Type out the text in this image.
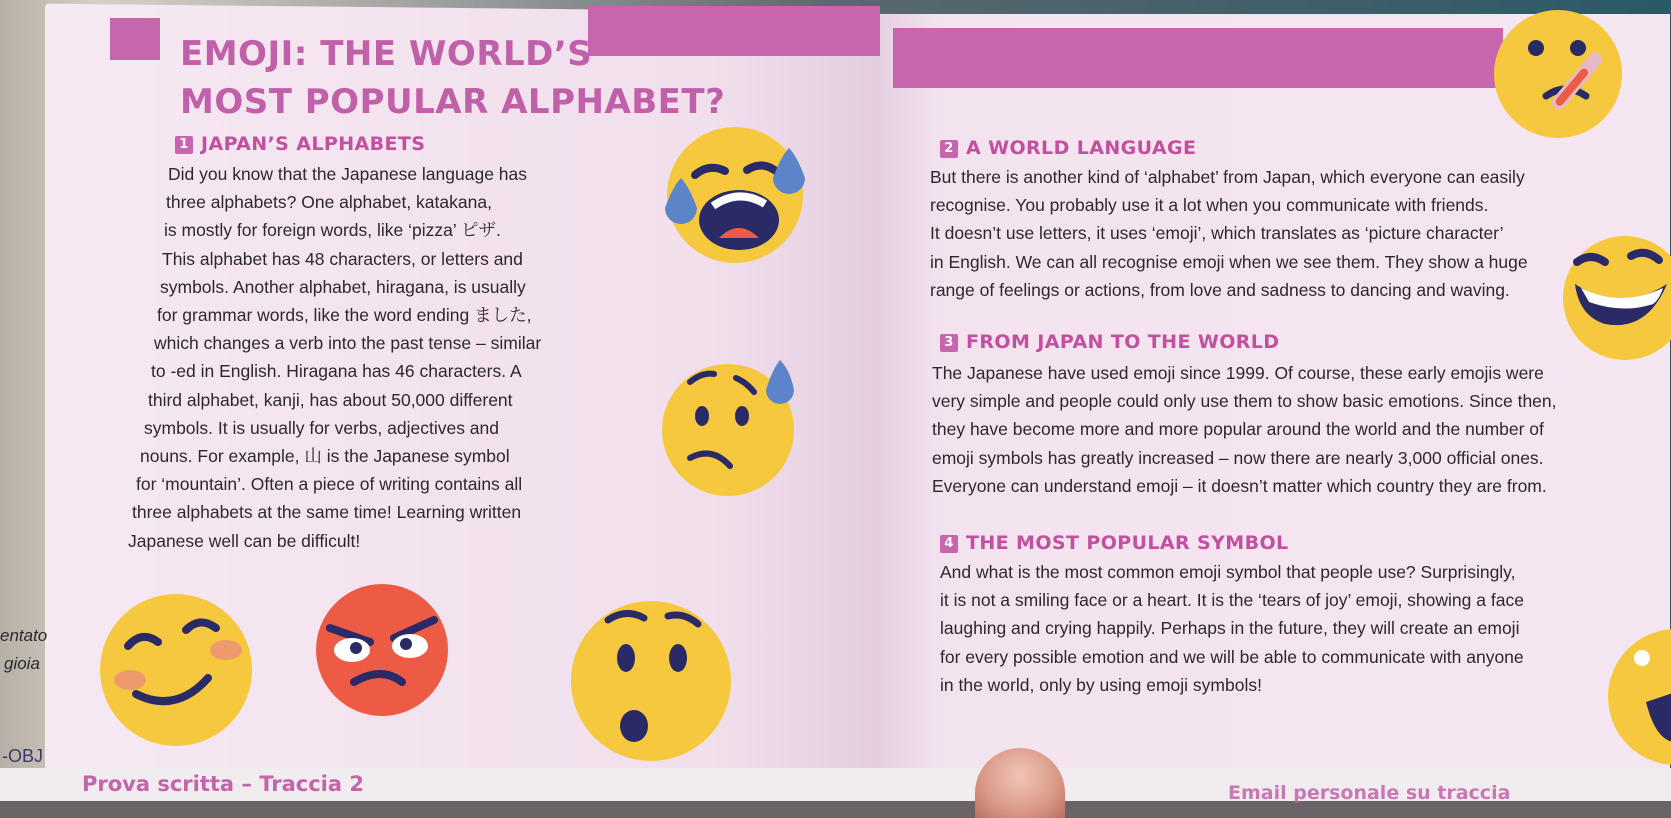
EMOJI: THE WORLD’S
MOST POPULAR ALPHABET?
1 JAPAN’S ALPHABETS
Did you know that the Japanese language has
three alphabets? One alphabet, katakana,
is mostly for foreign words, like ‘pizza’ ピザ.
This alphabet has 48 characters, or letters and
symbols. Another alphabet, hiragana, is usually
for grammar words, like the word ending ました,
which changes a verb into the past tense – similar
to -ed in English. Hiragana has 46 characters. A
third alphabet, kanji, has about 50,000 different
symbols. It is usually for verbs, adjectives and
nouns. For example, 山 is the Japanese symbol
for ‘mountain’. Often a piece of writing contains all
three alphabets at the same time! Learning written
Japanese well can be difficult!
2 A WORLD LANGUAGE
But there is another kind of ‘alphabet’ from Japan, which everyone can easily
recognise. You probably use it a lot when you communicate with friends.
It doesn’t use letters, it uses ‘emoji’, which translates as ‘picture character’
in English. We can all recognise emoji when we see them. They show a huge
range of feelings or actions, from love and sadness to dancing and waving.
3 FROM JAPAN TO THE WORLD
The Japanese have used emoji since 1999. Of course, these early emojis were
very simple and people could only use them to show basic emotions. Since then,
they have become more and more popular around the world and the number of
emoji symbols has greatly increased – now there are nearly 3,000 official ones.
Everyone can understand emoji – it doesn’t matter which country they are from.
4 THE MOST POPULAR SYMBOL
And what is the most common emoji symbol that people use? Surprisingly,
it is not a smiling face or a heart. It is the ‘tears of joy’ emoji, showing a face
laughing and crying happily. Perhaps in the future, they will create an emoji
for every possible emotion and we will be able to communicate with anyone
in the world, only by using emoji symbols!
entato
gioia
-OBJ
Prova scritta – Traccia 2	Email personale su traccia
